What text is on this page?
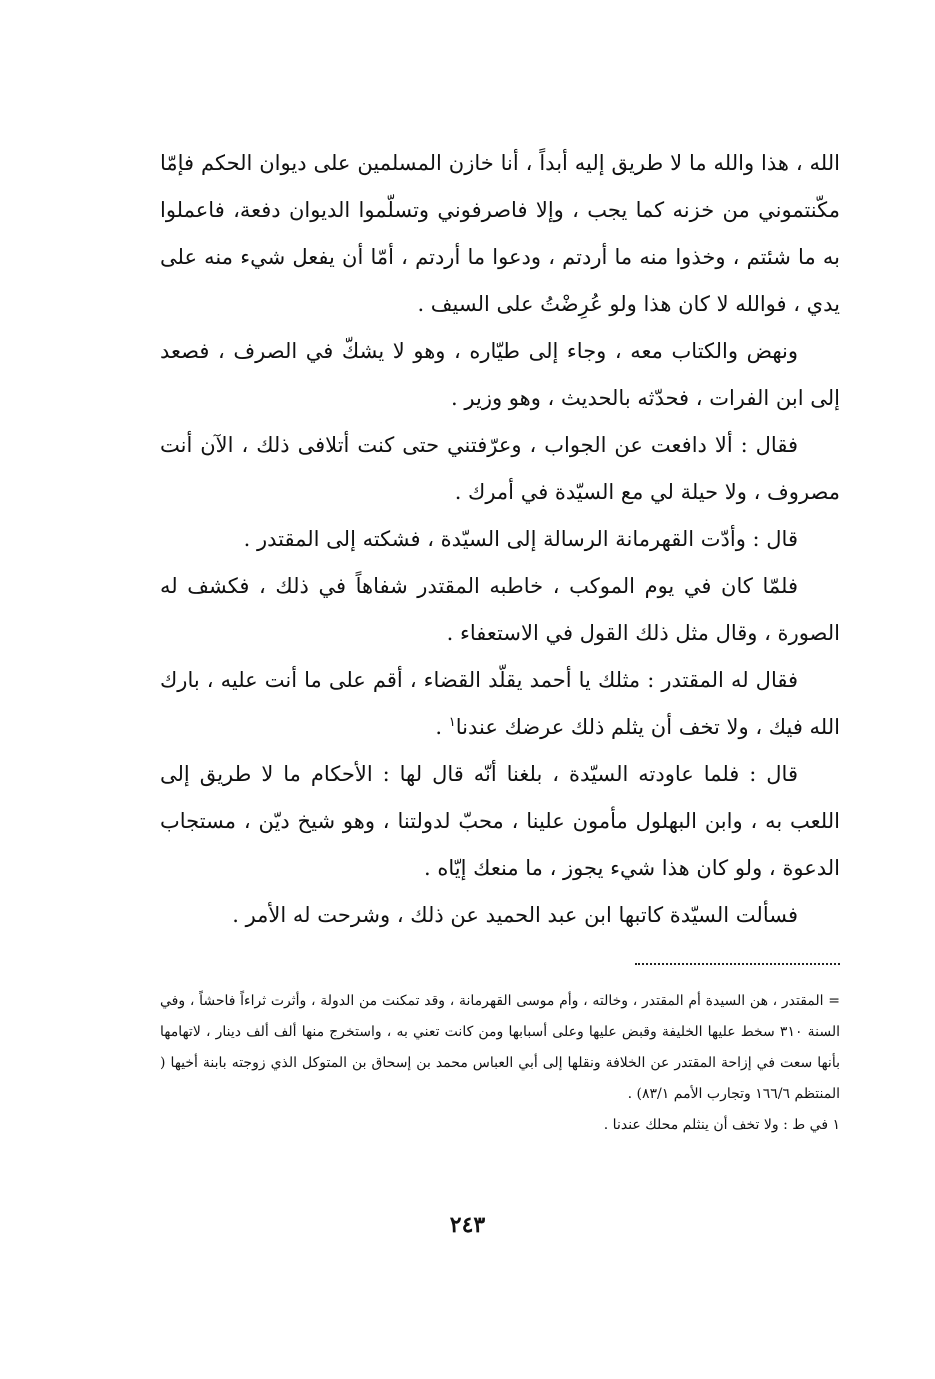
الله ، هذا والله ما لا طريق إليه أبداً ، أنا خازن المسلمين على ديوان الحكم فإمّا مكّنتموني من خزنه كما يجب ، وإلا فاصرفوني وتسلّموا الديوان دفعة، فاعملوا به ما شئتم ، وخذوا منه ما أردتم ، ودعوا ما أردتم ، أمّا أن يفعل شيء منه على يدي ، فوالله لا كان هذا ولو عُرِضْتُ على السيف .

ونهض والكتاب معه ، وجاء إلى طيّاره ، وهو لا يشكّ في الصرف ، فصعد إلى ابن الفرات ، فحدّثه بالحديث ، وهو وزير .

فقال : ألا دافعت عن الجواب ، وعرّفتني حتى كنت أتلافى ذلك ، الآن أنت مصروف ، ولا حيلة لي مع السيّدة في أمرك .

قال : وأدّت القهرمانة الرسالة إلى السيّدة ، فشكته إلى المقتدر .

فلمّا كان في يوم الموكب ، خاطبه المقتدر شفاهاً في ذلك ، فكشف له الصورة ، وقال مثل ذلك القول في الاستعفاء .

فقال له المقتدر : مثلك يا أحمد يقلّد القضاء ، أقم على ما أنت عليه ، بارك الله فيك ، ولا تخف أن يثلم ذلك عرضك عندنا$^١$ .

قال : فلما عاودته السيّدة ، بلغنا أنّه قال لها : الأحكام ما لا طريق إلى اللعب به ، وابن البهلول مأمون علينا ، محبّ لدولتنا ، وهو شيخ ديّن ، مستجاب الدعوة ، ولو كان هذا شيء يجوز ، ما منعك إيّاه .

فسألت السيّدة كاتبها ابن عبد الحميد عن ذلك ، وشرحت له الأمر .

= المقتدر ، هن السيدة أم المقتدر ، وخالته ، وأم موسى القهرمانة ، وقد تمكنت من الدولة ، وأثرت ثراءاً فاحشاً ، وفي السنة ٣١٠ سخط عليها الخليفة وقبض عليها وعلى أسبابها ومن كانت تعني به ، واستخرج منها ألف ألف دينار ، لاتهامها بأنها سعت في إزاحة المقتدر عن الخلافة ونقلها إلى أبي العباس محمد بن إسحاق بن المتوكل الذي زوجته بابنة أخيها ( المنتظم ١٦٦/٦ وتجارب الأمم ٨٣/١) .

١ في ط : ولا تخف أن ينثلم محلك عندنا .

٢٤٣
